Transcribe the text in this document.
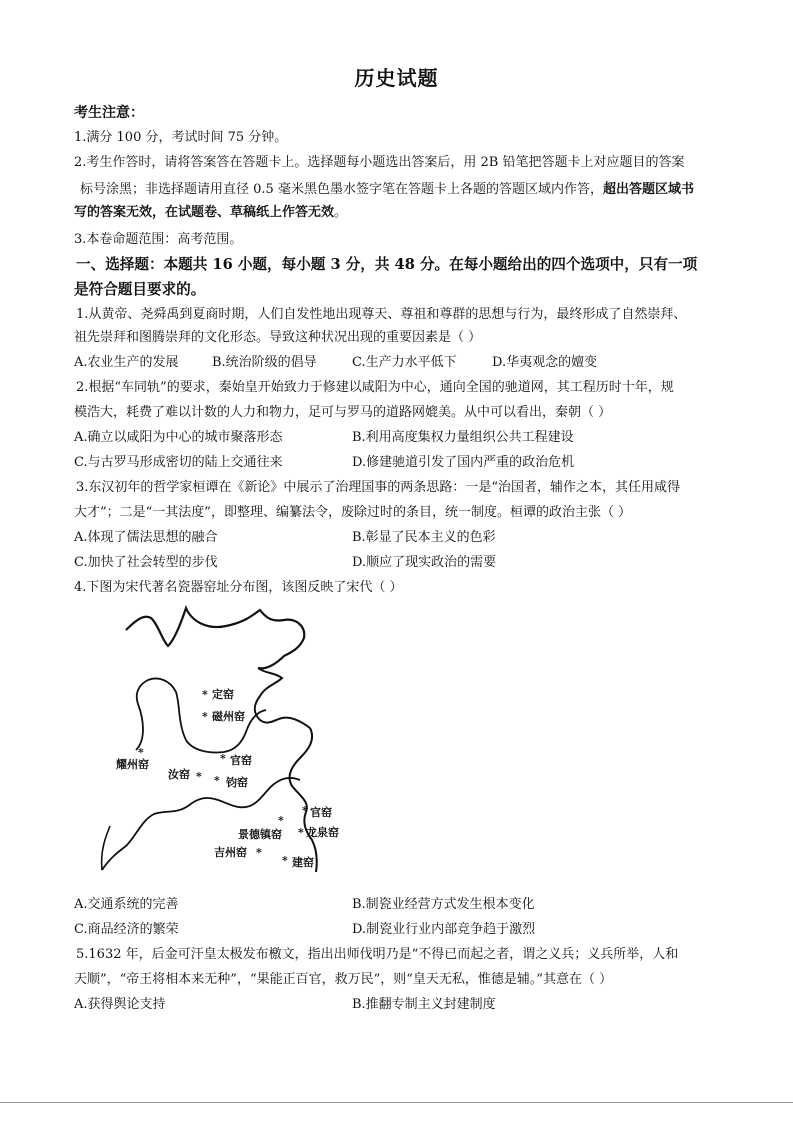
历史试题
考生注意：
1.满分 100 分，考试时间 75 分钟。
2.考生作答时，请将答案答在答题卡上。选择题每小题选出答案后，用 2B 铅笔把答题卡上对应题目的答案
标号涂黑；非选择题请用直径 0.5 毫米黑色墨水签字笔在答题卡上各题的答题区域内作答，超出答题区域书
写的答案无效，在试题卷、草稿纸上作答无效。
3.本卷命题范围：高考范围。
一、选择题：本题共 16 小题，每小题 3 分，共 48 分。在每小题给出的四个选项中，只有一项
是符合题目要求的。
1.从黄帝、尧舜禹到夏商时期，人们自发性地出现尊天、尊祖和尊群的思想与行为，最终形成了自然崇拜、
祖先崇拜和图腾崇拜的文化形态。导致这种状况出现的重要因素是（ ）
A.农业生产的发展	B.统治阶级的倡导	C.生产力水平低下	D.华夷观念的嬗变
2.根据“车同轨”的要求，秦始皇开始致力于修建以咸阳为中心，通向全国的驰道网，其工程历时十年，规
模浩大，耗费了难以计数的人力和物力，足可与罗马的道路网媲美。从中可以看出，秦朝（ ）
A.确立以咸阳为中心的城市聚落形态	B.利用高度集权力量组织公共工程建设
C.与古罗马形成密切的陆上交通往来	D.修建驰道引发了国内严重的政治危机
3.东汉初年的哲学家桓谭在《新论》中展示了治理国事的两条思路：一是“治国者，辅作之本，其任用咸得
大才”；二是“一其法度”，即整理、编纂法令，废除过时的条目，统一制度。桓谭的政治主张（ ）
A.体现了儒法思想的融合	B.彰显了民本主义的色彩
C.加快了社会转型的步伐	D.顺应了现实政治的需要
4.下图为宋代著名瓷器窑址分布图，该图反映了宋代（ ）
* 定窑
* 磁州窑
*
耀州窑
汝窑 *
* 官窑
* 钧窑
* 官窑
*
景德镇窑 * 龙泉窑
吉州窑 *
* 建窑
A.交通系统的完善	B.制瓷业经营方式发生根本变化
C.商品经济的繁荣	D.制瓷业行业内部竞争趋于激烈
5.1632 年，后金可汗皇太极发布檄文，指出出师伐明乃是“不得已而起之者，谓之义兵；义兵所举，人和
天顺”，“帝王将相本来无种”，“果能正百官，救万民”，则“皇天无私，惟德是辅。”其意在（ ）
A.获得舆论支持	B.推翻专制主义封建制度
